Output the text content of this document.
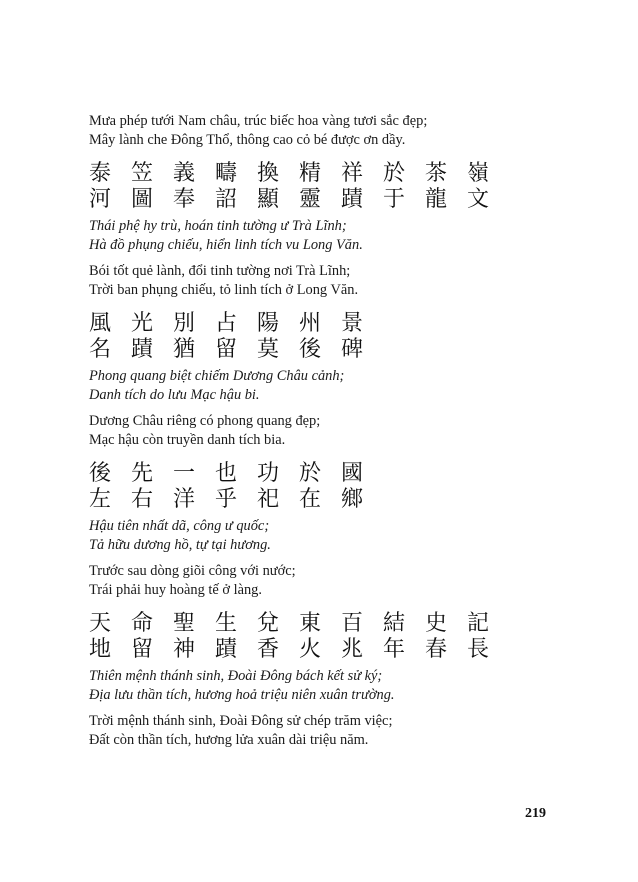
Mưa phép tưới Nam châu, trúc biếc hoa vàng tươi sắc đẹp;
Mây lành che Đông Thổ, thông cao cỏ bé được ơn dầy.
泰 笠 義 疇 換 精 祥 於 茶 嶺
河 圖 奉 詔 顯 靈 蹟 于 龍 文
Thái phệ hy trù, hoán tinh tường ư Trà Lĩnh;
Hà đồ phụng chiếu, hiển linh tích vu Long Văn.
Bói tốt quẻ lành, đổi tinh tường nơi Trà Lĩnh;
Trời ban phụng chiếu, tỏ linh tích ở Long Văn.
風 光 別 占 陽 州 景
名 蹟 猶 留 莫 後 碑
Phong quang biệt chiếm Dương Châu cảnh;
Danh tích do lưu Mạc hậu bi.
Dương Châu riêng có phong quang đẹp;
Mạc hậu còn truyền danh tích bia.
後 先 一 也 功 於 國
左 右 洋 乎 祀 在 鄉
Hậu tiên nhất dã, công ư quốc;
Tả hữu dương hồ, tự tại hương.
Trước sau dòng giõi công với nước;
Trái phải huy hoàng tế ở làng.
天 命 聖 生 兌 東 百 結 史 記
地 留 神 蹟 香 火 兆 年 春 長
Thiên mệnh thánh sinh, Đoài Đông bách kết sử ký;
Địa lưu thần tích, hương hoả triệu niên xuân trường.
Trời mệnh thánh sinh, Đoài Đông sử chép trăm việc;
Đất còn thần tích, hương lửa xuân dài triệu năm.
219
